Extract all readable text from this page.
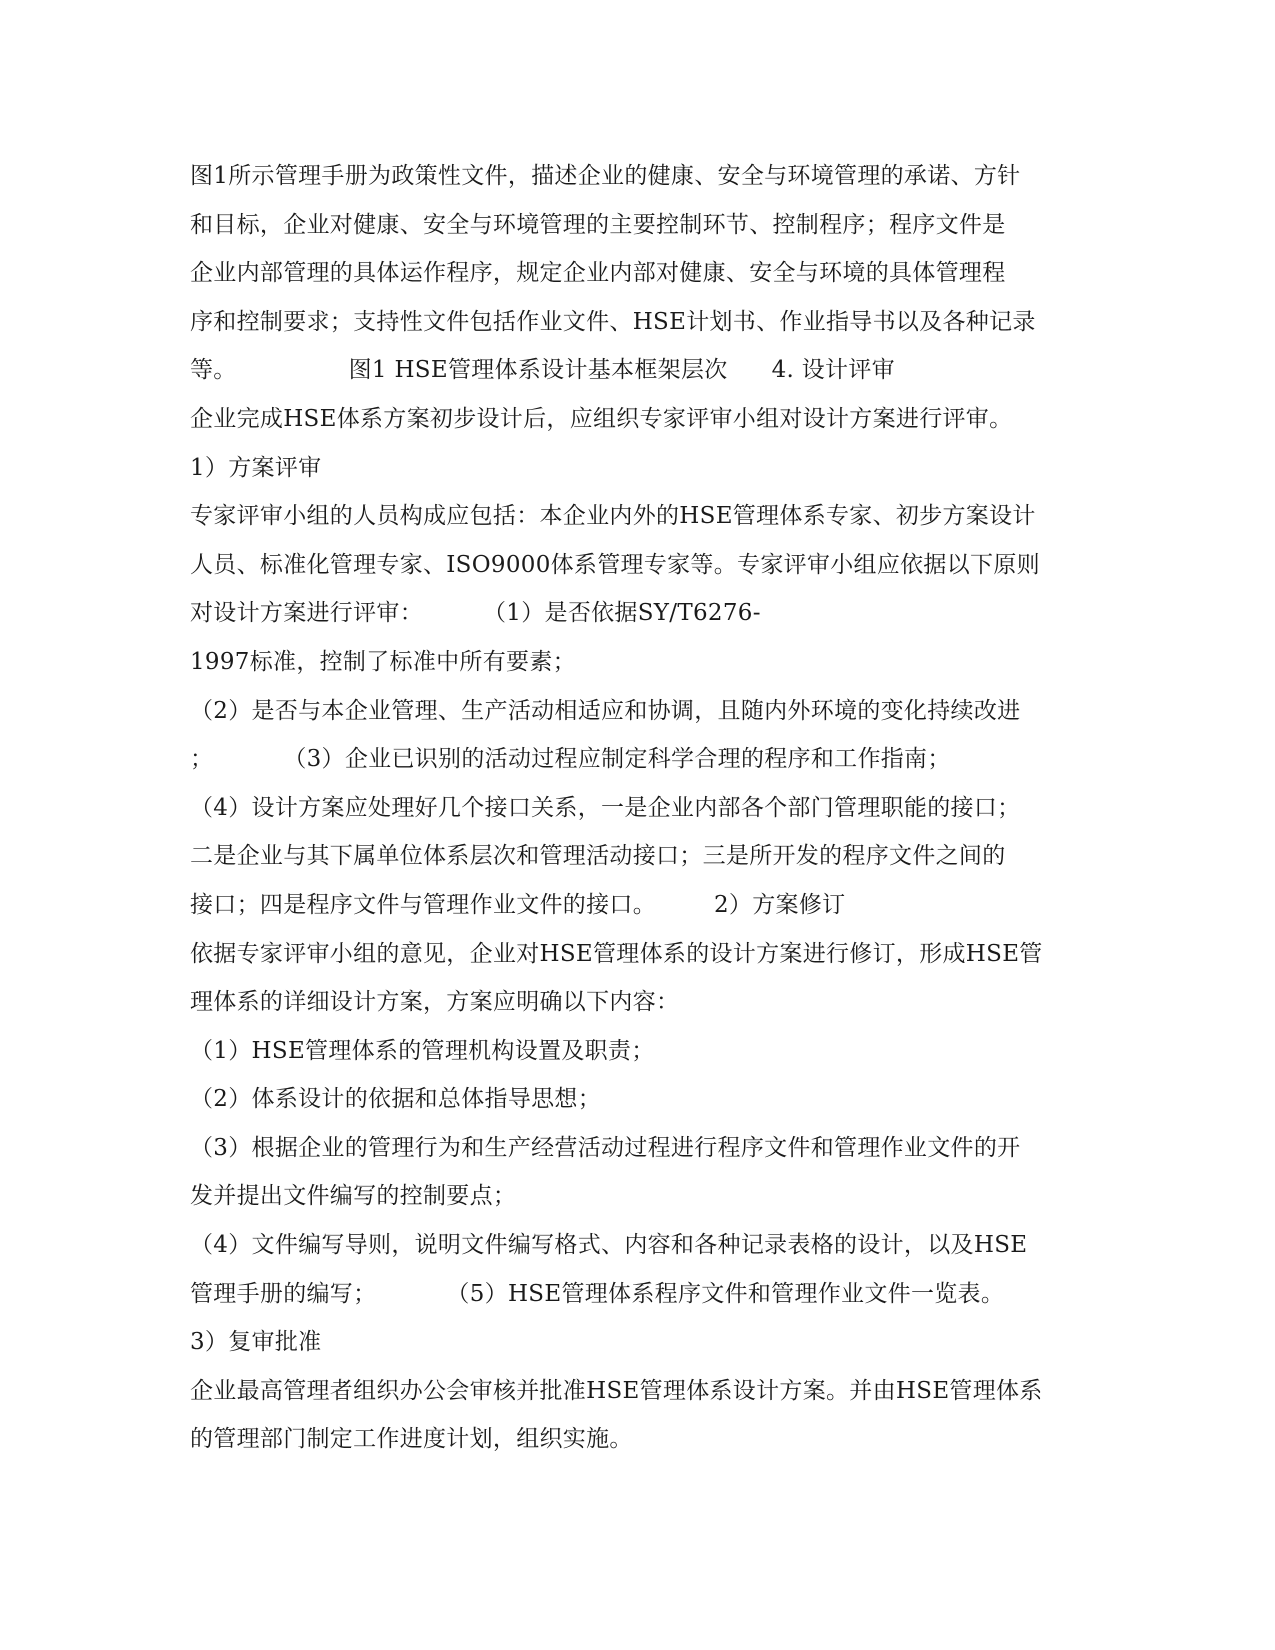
图1所示管理手册为政策性文件，描述企业的健康、安全与环境管理的承诺、方针
和目标，企业对健康、安全与环境管理的主要控制环节、控制程序；程序文件是
企业内部管理的具体运作程序，规定企业内部对健康、安全与环境的具体管理程
序和控制要求；支持性文件包括作业文件、HSE计划书、作业指导书以及各种记录
等。	图1 HSE管理体系设计基本框架层次 4. 设计评审
企业完成HSE体系方案初步设计后，应组织专家评审小组对设计方案进行评审。
1）方案评审
专家评审小组的人员构成应包括：本企业内外的HSE管理体系专家、初步方案设计
人员、标准化管理专家、ISO9000体系管理专家等。专家评审小组应依据以下原则
对设计方案进行评审：	（1）是否依据SY/T6276-
1997标准，控制了标准中所有要素；
（2）是否与本企业管理、生产活动相适应和协调，且随内外环境的变化持续改进
；	（3）企业已识别的活动过程应制定科学合理的程序和工作指南；
（4）设计方案应处理好几个接口关系，一是企业内部各个部门管理职能的接口；
二是企业与其下属单位体系层次和管理活动接口；三是所开发的程序文件之间的
接口；四是程序文件与管理作业文件的接口。	2）方案修订
依据专家评审小组的意见，企业对HSE管理体系的设计方案进行修订，形成HSE管
理体系的详细设计方案，方案应明确以下内容：
（1）HSE管理体系的管理机构设置及职责；
（2）体系设计的依据和总体指导思想；
（3）根据企业的管理行为和生产经营活动过程进行程序文件和管理作业文件的开
发并提出文件编写的控制要点；
（4）文件编写导则，说明文件编写格式、内容和各种记录表格的设计，以及HSE
管理手册的编写；	（5）HSE管理体系程序文件和管理作业文件一览表。
3）复审批准
企业最高管理者组织办公会审核并批准HSE管理体系设计方案。并由HSE管理体系
的管理部门制定工作进度计划，组织实施。
